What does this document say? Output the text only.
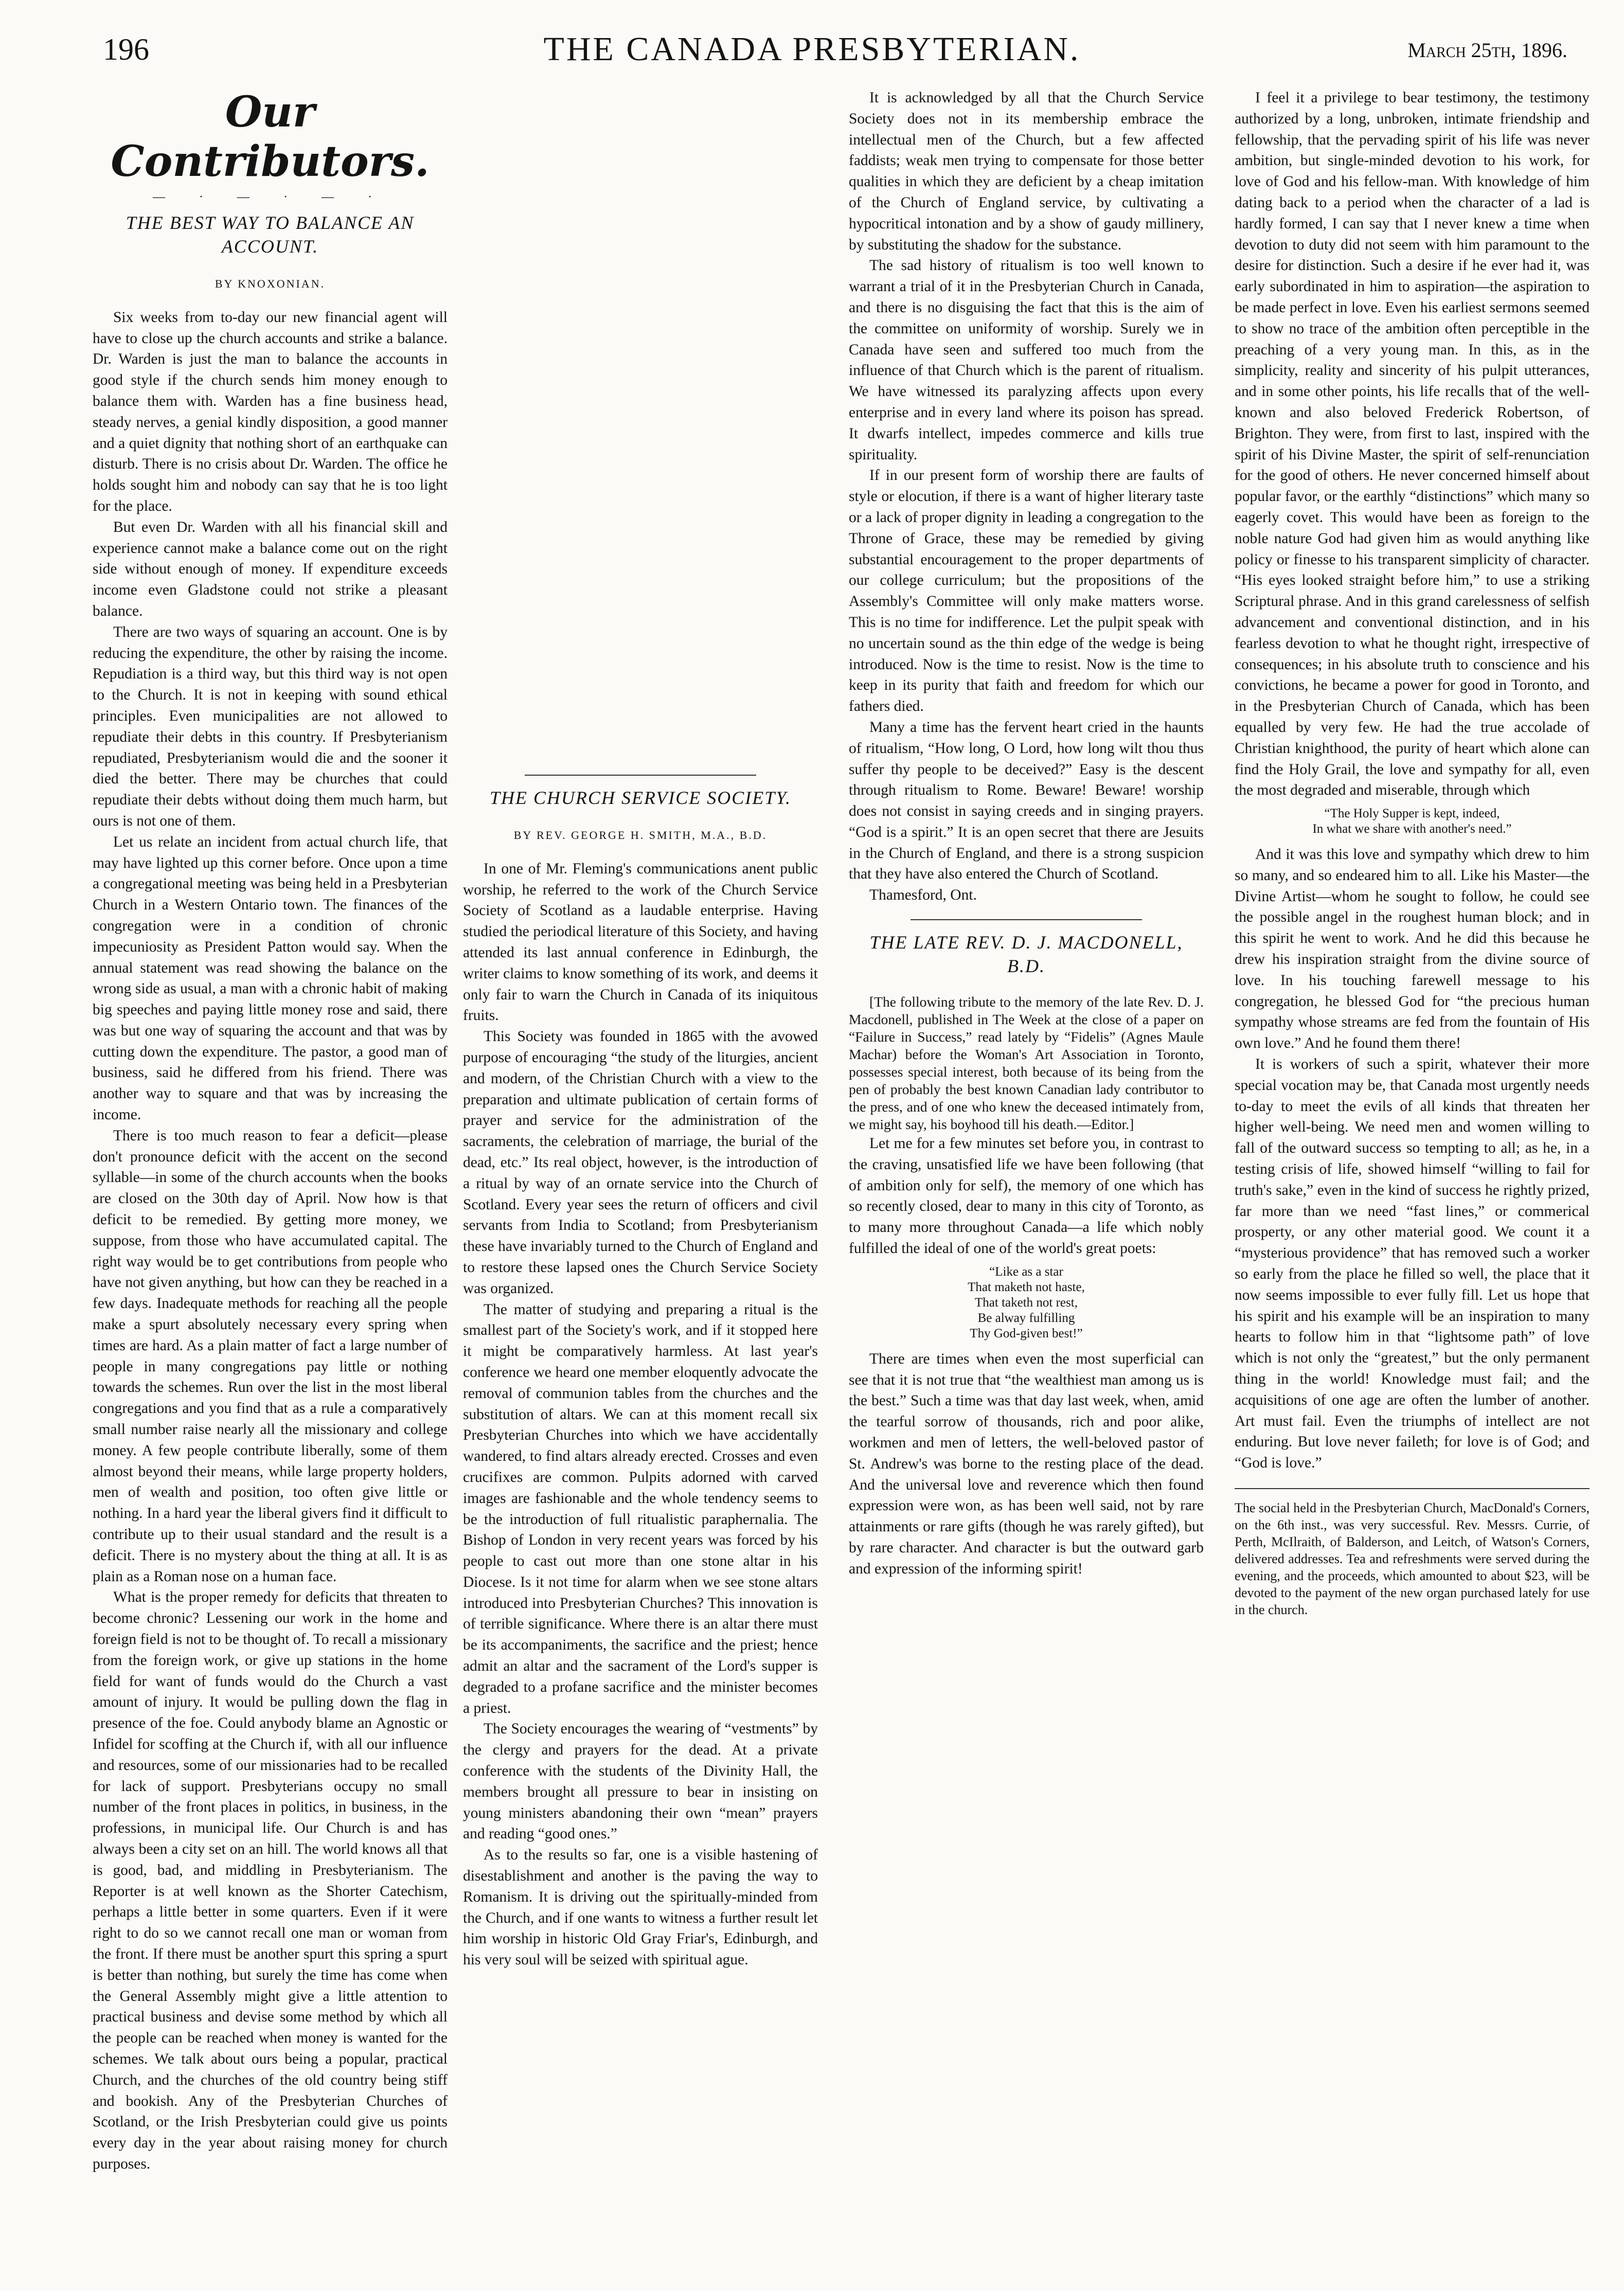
196	THE CANADA PRESBYTERIAN.	March 25th, 1896.
Our Contributors.
— · — · — ·
THE BEST WAY TO BALANCE AN ACCOUNT.
BY KNOXONIAN.

Six weeks from to-day our new financial agent will have to close up the church accounts and strike a balance. Dr. Warden is just the man to balance the accounts in good style if the church sends him money enough to balance them with. Warden has a fine business head, steady nerves, a genial kindly disposition, a good manner and a quiet dignity that nothing short of an earthquake can disturb. There is no crisis about Dr. Warden. The office he holds sought him and nobody can say that he is too light for the place.

But even Dr. Warden with all his financial skill and experience cannot make a balance come out on the right side without enough of money. If expenditure exceeds income even Gladstone could not strike a pleasant balance.

There are two ways of squaring an account. One is by reducing the expenditure, the other by raising the income. Repudiation is a third way, but this third way is not open to the Church. It is not in keeping with sound ethical principles. Even municipalities are not allowed to repudiate their debts in this country. If Presbyterianism repudiated, Presbyterianism would die and the sooner it died the better. There may be churches that could repudiate their debts without doing them much harm, but ours is not one of them.

Let us relate an incident from actual church life, that may have lighted up this corner before. Once upon a time a congregational meeting was being held in a Presbyterian Church in a Western Ontario town. The finances of the congregation were in a condition of chronic impecuniosity as President Patton would say. When the annual statement was read showing the balance on the wrong side as usual, a man with a chronic habit of making big speeches and paying little money rose and said, there was but one way of squaring the account and that was by cutting down the expenditure. The pastor, a good man of business, said he differed from his friend. There was another way to square and that was by increasing the income.

There is too much reason to fear a deficit—please don't pronounce deficit with the accent on the second syllable—in some of the church accounts when the books are closed on the 30th day of April. Now how is that deficit to be remedied. By getting more money, we suppose, from those who have accumulated capital. The right way would be to get contributions from people who have not given anything, but how can they be reached in a few days. Inadequate methods for reaching all the people make a spurt absolutely necessary every spring when times are hard. As a plain matter of fact a large number of people in many congregations pay little or nothing towards the schemes. Run over the list in the most liberal congregations and you find that as a rule a comparatively small number raise nearly all the missionary and college money. A few people contribute liberally, some of them almost beyond their means, while large property holders, men of wealth and position, too often give little or nothing. In a hard year the liberal givers find it difficult to contribute up to their usual standard and the result is a deficit. There is no mystery about the thing at all. It is as plain as a Roman nose on a human face.

What is the proper remedy for deficits that threaten to become chronic? Lessening our work in the home and foreign field is not to be thought of. To recall a missionary from the foreign work, or give up stations in the home field for want of funds would do the Church a vast amount of injury. It would be pulling down the flag in presence of the foe. Could anybody blame an Agnostic or Infidel for scoffing at the Church if, with all our influence and resources, some of our missionaries had to be recalled for lack of support. Presbyterians occupy no small number of the front places in politics, in business, in the professions, in municipal life. Our Church is and has always been a city set on an hill. The world knows all that is good, bad, and middling in Presbyterianism. The Reporter is at well known as the Shorter Catechism, perhaps a little better in some quarters. Even if it were right to do so we cannot recall one man or woman from the front. If there must be another spurt this spring a spurt is better than nothing, but surely the time has come when the General Assembly might give a little attention to practical business and devise some method by which all the people can be reached when money is wanted for the schemes. We talk about ours being a popular, practical Church, and the churches of the old country being stiff and bookish. Any of the Presbyterian Churches of Scotland, or the Irish Presbyterian could give us points every day in the year about raising money for church purposes.

THE CHURCH SERVICE SOCIETY.
BY REV. GEORGE H. SMITH, M.A., B.D.

In one of Mr. Fleming's communications anent public worship, he referred to the work of the Church Service Society of Scotland as a laudable enterprise. Having studied the periodical literature of this Society, and having attended its last annual conference in Edinburgh, the writer claims to know something of its work, and deems it only fair to warn the Church in Canada of its iniquitous fruits.

This Society was founded in 1865 with the avowed purpose of encouraging “the study of the liturgies, ancient and modern, of the Christian Church with a view to the preparation and ultimate publication of certain forms of prayer and service for the administration of the sacraments, the celebration of marriage, the burial of the dead, etc.” Its real object, however, is the introduction of a ritual by way of an ornate service into the Church of Scotland. Every year sees the return of officers and civil servants from India to Scotland; from Presbyterianism these have invariably turned to the Church of England and to restore these lapsed ones the Church Service Society was organized.

The matter of studying and preparing a ritual is the smallest part of the Society's work, and if it stopped here it might be comparatively harmless. At last year's conference we heard one member eloquently advocate the removal of communion tables from the churches and the substitution of altars. We can at this moment recall six Presbyterian Churches into which we have accidentally wandered, to find altars already erected. Crosses and even crucifixes are common. Pulpits adorned with carved images are fashionable and the whole tendency seems to be the introduction of full ritualistic paraphernalia. The Bishop of London in very recent years was forced by his people to cast out more than one stone altar in his Diocese. Is it not time for alarm when we see stone altars introduced into Presbyterian Churches? This innovation is of terrible significance. Where there is an altar there must be its accompaniments, the sacrifice and the priest; hence admit an altar and the sacrament of the Lord's supper is degraded to a profane sacrifice and the minister becomes a priest.

The Society encourages the wearing of “vestments” by the clergy and prayers for the dead. At a private conference with the students of the Divinity Hall, the members brought all pressure to bear in insisting on young ministers abandoning their own “mean” prayers and reading “good ones.”

As to the results so far, one is a visible hastening of disestablishment and another is the paving the way to Romanism. It is driving out the spiritually-minded from the Church, and if one wants to witness a further result let him worship in historic Old Gray Friar's, Edinburgh, and his very soul will be seized with spiritual ague.

It is acknowledged by all that the Church Service Society does not in its membership embrace the intellectual men of the Church, but a few affected faddists; weak men trying to compensate for those better qualities in which they are deficient by a cheap imitation of the Church of England service, by cultivating a hypocritical intonation and by a show of gaudy millinery, by substituting the shadow for the substance.

The sad history of ritualism is too well known to warrant a trial of it in the Presbyterian Church in Canada, and there is no disguising the fact that this is the aim of the committee on uniformity of worship. Surely we in Canada have seen and suffered too much from the influence of that Church which is the parent of ritualism. We have witnessed its paralyzing affects upon every enterprise and in every land where its poison has spread. It dwarfs intellect, impedes commerce and kills true spirituality.

If in our present form of worship there are faults of style or elocution, if there is a want of higher literary taste or a lack of proper dignity in leading a congregation to the Throne of Grace, these may be remedied by giving substantial encouragement to the proper departments of our college curriculum; but the propositions of the Assembly's Committee will only make matters worse. This is no time for indifference. Let the pulpit speak with no uncertain sound as the thin edge of the wedge is being introduced. Now is the time to resist. Now is the time to keep in its purity that faith and freedom for which our fathers died.

Many a time has the fervent heart cried in the haunts of ritualism, “How long, O Lord, how long wilt thou thus suffer thy people to be deceived?” Easy is the descent through ritualism to Rome. Beware! Beware! worship does not consist in saying creeds and in singing prayers. “God is a spirit.” It is an open secret that there are Jesuits in the Church of England, and there is a strong suspicion that they have also entered the Church of Scotland.

Thamesford, Ont.

THE LATE REV. D. J. MACDONELL, B.D.

[The following tribute to the memory of the late Rev. D. J. Macdonell, published in The Week at the close of a paper on “Failure in Success,” read lately by “Fidelis” (Agnes Maule Machar) before the Woman's Art Association in Toronto, possesses special interest, both because of its being from the pen of probably the best known Canadian lady contributor to the press, and of one who knew the deceased intimately from, we might say, his boyhood till his death.—Editor.]

Let me for a few minutes set before you, in contrast to the craving, unsatisfied life we have been following (that of ambition only for self), the memory of one which has so recently closed, dear to many in this city of Toronto, as to many more throughout Canada—a life which nobly fulfilled the ideal of one of the world's great poets:

“Like as a star
That maketh not haste,
That taketh not rest,
Be alway fulfilling
Thy God-given best!”

There are times when even the most superficial can see that it is not true that “the wealthiest man among us is the best.” Such a time was that day last week, when, amid the tearful sorrow of thousands, rich and poor alike, workmen and men of letters, the well-beloved pastor of St. Andrew's was borne to the resting place of the dead. And the universal love and reverence which then found expression were won, as has been well said, not by rare attainments or rare gifts (though he was rarely gifted), but by rare character. And character is but the outward garb and expression of the informing spirit!

I feel it a privilege to bear testimony, the testimony authorized by a long, unbroken, intimate friendship and fellowship, that the pervading spirit of his life was never ambition, but single-minded devotion to his work, for love of God and his fellow-man. With knowledge of him dating back to a period when the character of a lad is hardly formed, I can say that I never knew a time when devotion to duty did not seem with him paramount to the desire for distinction. Such a desire if he ever had it, was early subordinated in him to aspiration—the aspiration to be made perfect in love. Even his earliest sermons seemed to show no trace of the ambition often perceptible in the preaching of a very young man. In this, as in the simplicity, reality and sincerity of his pulpit utterances, and in some other points, his life recalls that of the well-known and also beloved Frederick Robertson, of Brighton. They were, from first to last, inspired with the spirit of his Divine Master, the spirit of self-renunciation for the good of others. He never concerned himself about popular favor, or the earthly “distinctions” which many so eagerly covet. This would have been as foreign to the noble nature God had given him as would anything like policy or finesse to his transparent simplicity of character. “His eyes looked straight before him,” to use a striking Scriptural phrase. And in this grand carelessness of selfish advancement and conventional distinction, and in his fearless devotion to what he thought right, irrespective of consequences; in his absolute truth to conscience and his convictions, he became a power for good in Toronto, and in the Presbyterian Church of Canada, which has been equalled by very few. He had the true accolade of Christian knighthood, the purity of heart which alone can find the Holy Grail, the love and sympathy for all, even the most degraded and miserable, through which

“The Holy Supper is kept, indeed,
In what we share with another's need.”

And it was this love and sympathy which drew to him so many, and so endeared him to all. Like his Master—the Divine Artist—whom he sought to follow, he could see the possible angel in the roughest human block; and in this spirit he went to work. And he did this because he drew his inspiration straight from the divine source of love. In his touching farewell message to his congregation, he blessed God for “the precious human sympathy whose streams are fed from the fountain of His own love.” And he found them there!

It is workers of such a spirit, whatever their more special vocation may be, that Canada most urgently needs to-day to meet the evils of all kinds that threaten her higher well-being. We need men and women willing to fall of the outward success so tempting to all; as he, in a testing crisis of life, showed himself “willing to fail for truth's sake,” even in the kind of success he rightly prized, far more than we need “fast lines,” or commerical prosperty, or any other material good. We count it a “mysterious providence” that has removed such a worker so early from the place he filled so well, the place that it now seems impossible to ever fully fill. Let us hope that his spirit and his example will be an inspiration to many hearts to follow him in that “lightsome path” of love which is not only the “greatest,” but the only permanent thing in the world! Knowledge must fail; and the acquisitions of one age are often the lumber of another. Art must fail. Even the triumphs of intellect are not enduring. But love never faileth; for love is of God; and “God is love.”

The social held in the Presbyterian Church, MacDonald's Corners, on the 6th inst., was very successful. Rev. Messrs. Currie, of Perth, McIlraith, of Balderson, and Leitch, of Watson's Corners, delivered addresses. Tea and refreshments were served during the evening, and the proceeds, which amounted to about $23, will be devoted to the payment of the new organ purchased lately for use in the church.
